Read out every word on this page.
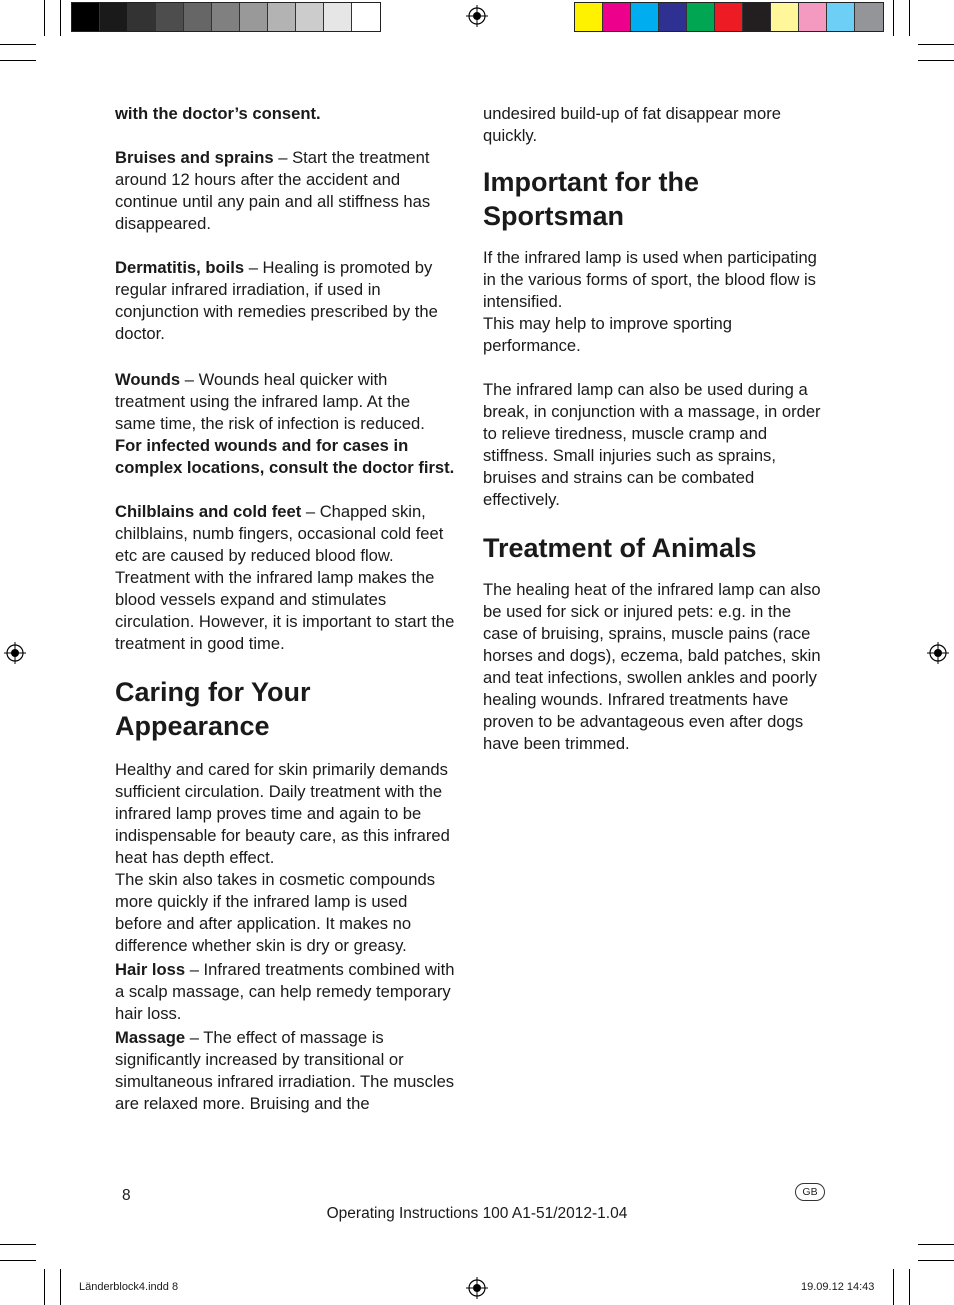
with the doctor’s consent.

Bruises and sprains – Start the treatment around 12 hours after the accident and continue until any pain and all stiffness has disappeared.

Dermatitis, boils – Healing is promoted by regular infrared irradiation, if used in conjunction with remedies prescribed by the doctor.

Wounds – Wounds heal quicker with treatment using the infrared lamp. At the same time, the risk of infection is reduced. For infected wounds and for cases in complex locations, consult the doctor first.

Chilblains and cold feet – Chapped skin, chilblains, numb fingers, occasional cold feet etc are caused by reduced blood flow. Treatment with the infrared lamp makes the blood vessels expand and stimulates circulation. However, it is important to start the treatment in good time.

Caring for Your Appearance

Healthy and cared for skin primarily demands sufficient circulation. Daily treatment with the infrared lamp proves time and again to be indispensable for beauty care, as this infrared heat has depth effect.

The skin also takes in cosmetic compounds more quickly if the infrared lamp is used before and after application. It makes no difference whether skin is dry or greasy.

Hair loss – Infrared treatments combined with a scalp massage, can help remedy temporary hair loss.

Massage – The effect of massage is significantly increased by transitional or simultaneous infrared irradiation. The muscles are relaxed more. Bruising and the

undesired build-up of fat disappear more quickly.

Important for the Sportsman

If the infrared lamp is used when participating in the various forms of sport, the blood flow is intensified.

This may help to improve sporting performance.

The infrared lamp can also be used during a break, in conjunction with a massage, in order to relieve tiredness, muscle cramp and stiffness. Small injuries such as sprains, bruises and strains can be combated effectively.

Treatment of Animals

The healing heat of the infrared lamp can also be used for sick or injured pets: e.g. in the case of bruising, sprains, muscle pains (race horses and dogs), eczema, bald patches, skin and teat infections, swollen ankles and poorly healing wounds. Infrared treatments have proven to be advantageous even after dogs have been trimmed.

8	GB
Operating Instructions 100 A1-51/2012-1.04
Länderblock4.indd 8	19.09.12 14:43
